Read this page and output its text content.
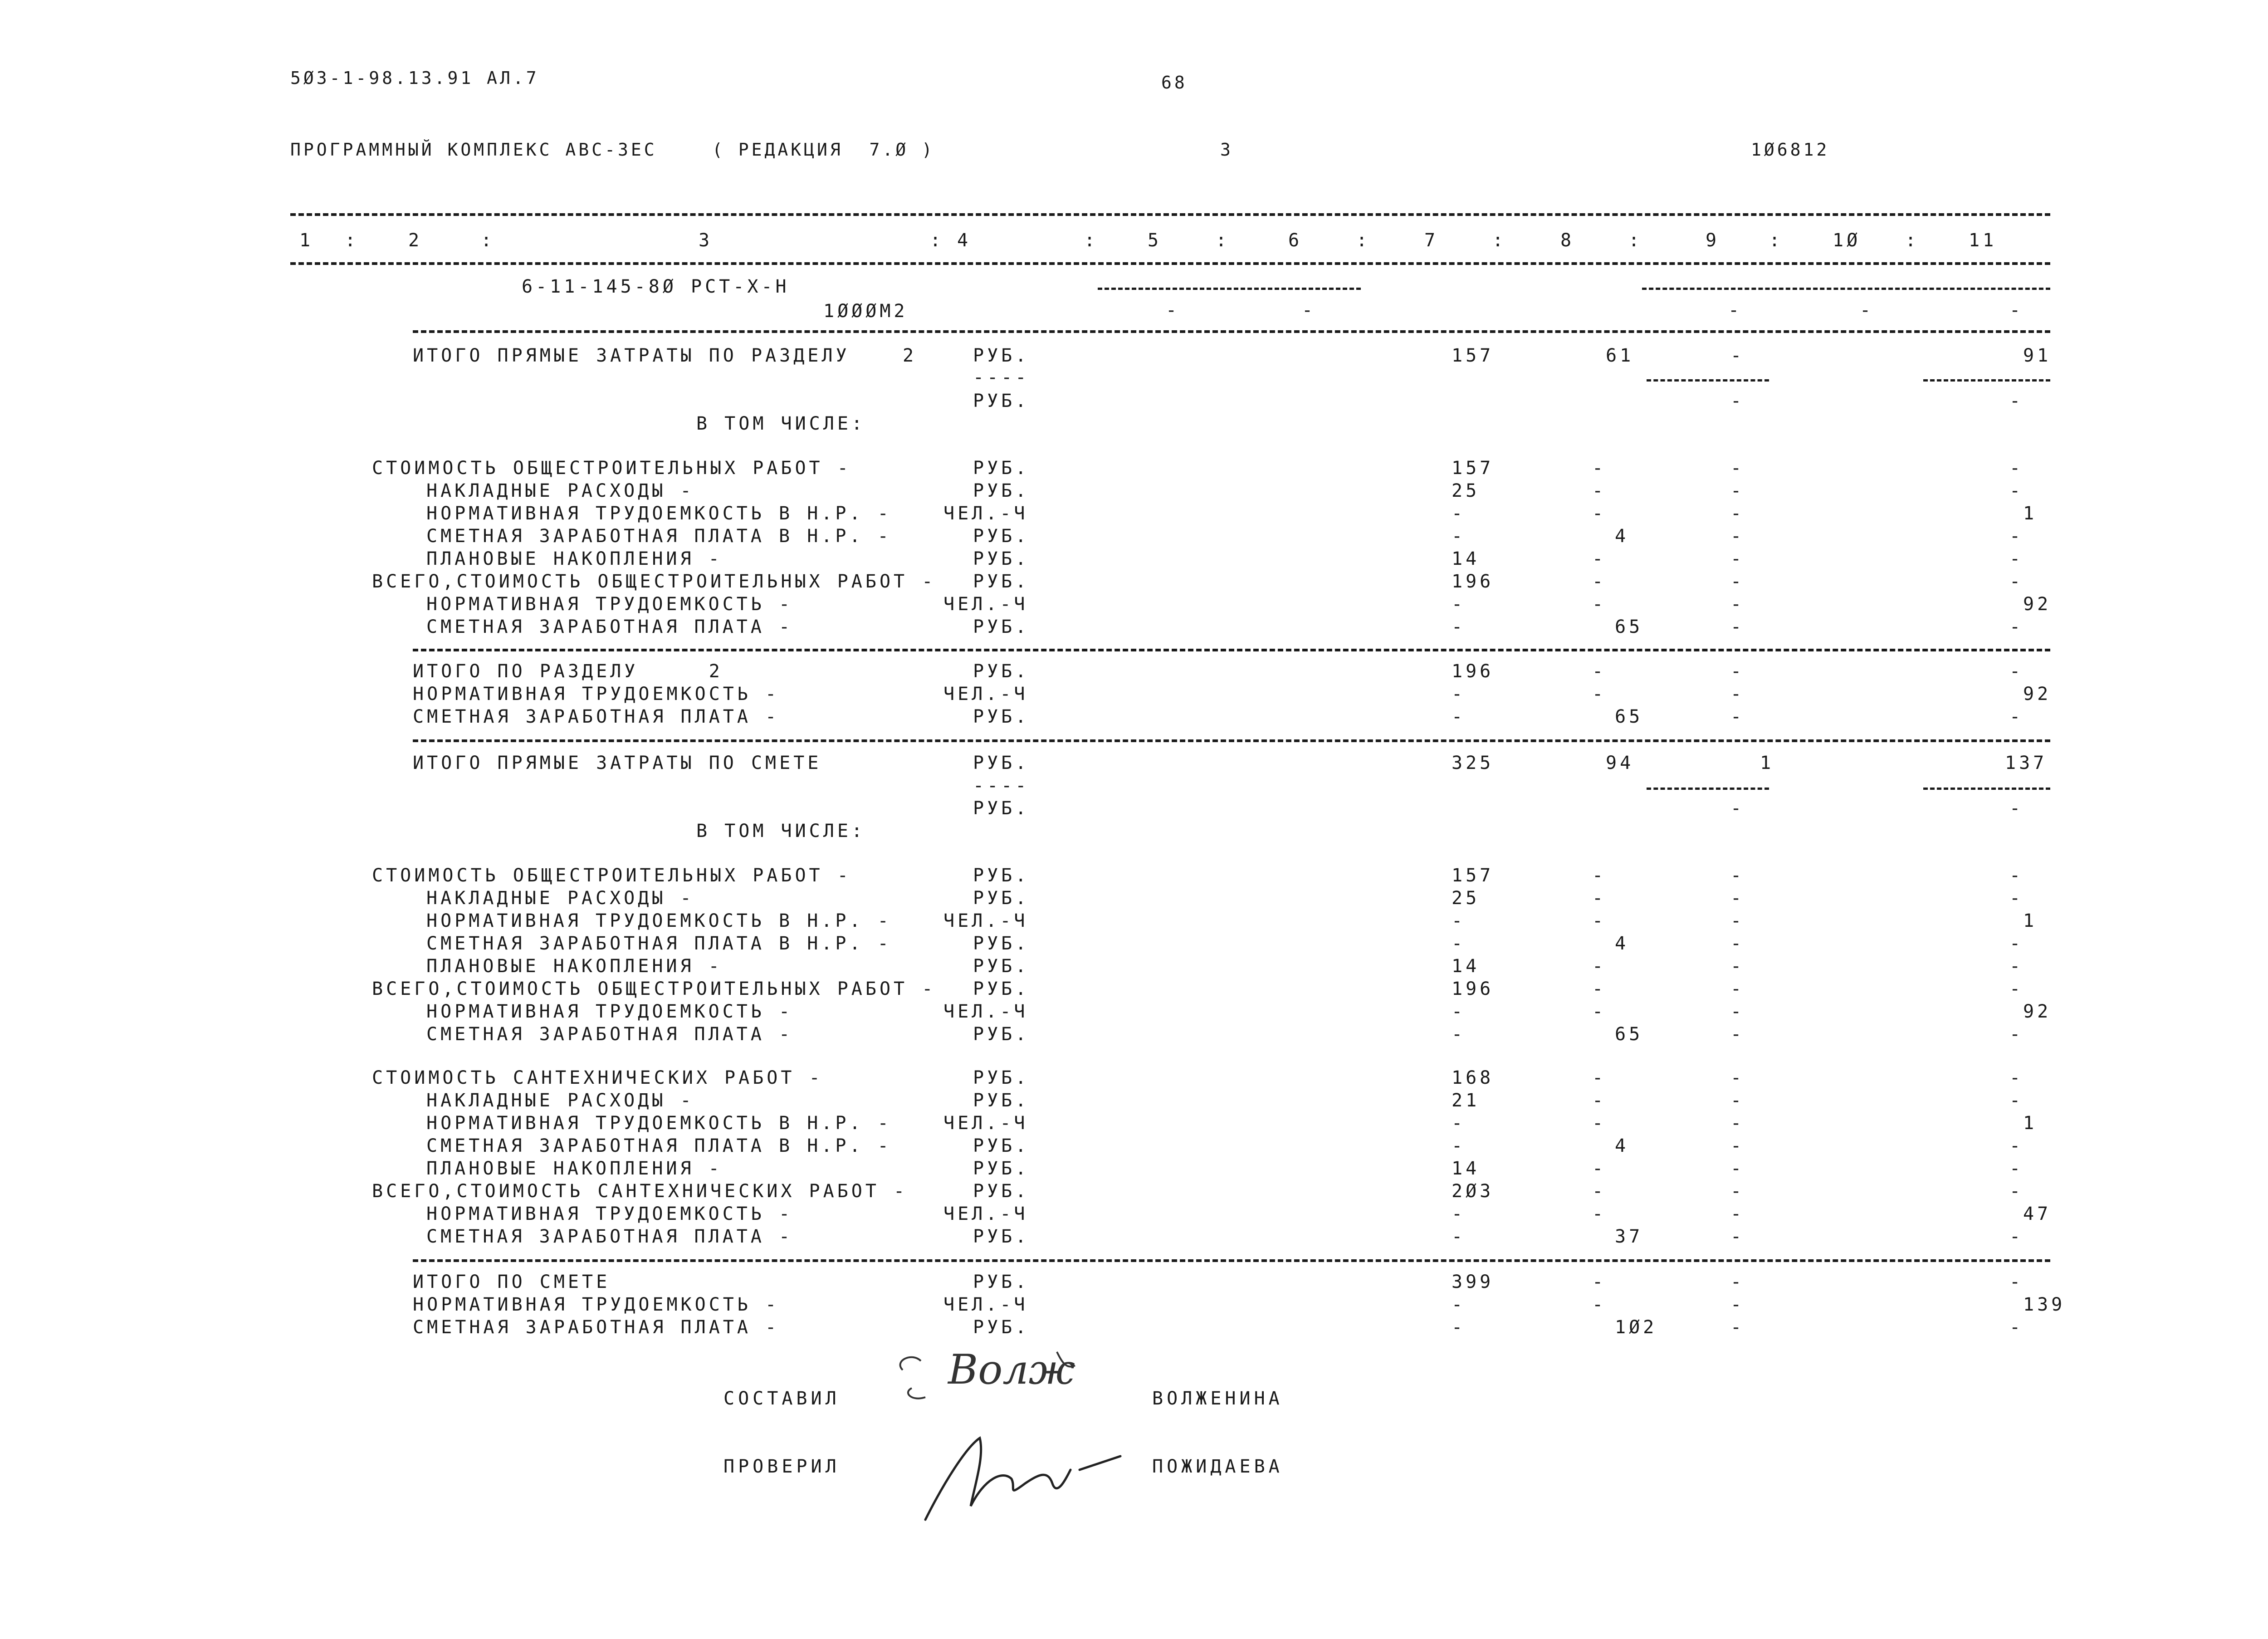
5Ø3-1-98.13.91 АЛ.7	68
ПРОГРАММНЫЙ КОМПЛЕКС АВС-3ЕС	( РЕДАКЦИЯ  7.Ø )	3	1Ø6812
1	2	3	4	5	6	7	8	9	1Ø	11
:	:	:	:	:	:	:	:	:	:
6-11-145-8Ø РСТ-Х-Н
1ØØØМ2	-	-	-	-	-
ИТОГО ПРЯМЫЕ ЗАТРАТЫ ПО РАЗДЕЛУ	2	РУБ.	157	61	-	91
----
РУБ.	-	-
В ТОМ ЧИСЛЕ:
СТОИМОСТЬ ОБЩЕСТРОИТЕЛЬНЫХ РАБОТ -	РУБ.	157	-	-	-
НАКЛАДНЫЕ РАСХОДЫ -	РУБ.	25	-	-	-
НОРМАТИВНАЯ ТРУДОЕМКОСТЬ В Н.Р. -	ЧЕЛ.-Ч	-	-	-	1
СМЕТНАЯ ЗАРАБОТНАЯ ПЛАТА В Н.Р. -	РУБ.	-	4	-	-
ПЛАНОВЫЕ НАКОПЛЕНИЯ -	РУБ.	14	-	-	-
ВСЕГО,СТОИМОСТЬ ОБЩЕСТРОИТЕЛЬНЫХ РАБОТ - РУБ.	196	-	-	-
НОРМАТИВНАЯ ТРУДОЕМКОСТЬ -	ЧЕЛ.-Ч	-	-	-	92
СМЕТНАЯ ЗАРАБОТНАЯ ПЛАТА -	РУБ.	-	65	-	-
ИТОГО ПО РАЗДЕЛУ     2	РУБ.	196	-	-	-
НОРМАТИВНАЯ ТРУДОЕМКОСТЬ -	ЧЕЛ.-Ч	-	-	-	92
СМЕТНАЯ ЗАРАБОТНАЯ ПЛАТА -	РУБ.	-	65	-	-
ИТОГО ПРЯМЫЕ ЗАТРАТЫ ПО СМЕТЕ	РУБ.	325	94	1	137
----
РУБ.	-	-
В ТОМ ЧИСЛЕ:
СТОИМОСТЬ ОБЩЕСТРОИТЕЛЬНЫХ РАБОТ -	РУБ.	157	-	-	-
НАКЛАДНЫЕ РАСХОДЫ -	РУБ.	25	-	-	-
НОРМАТИВНАЯ ТРУДОЕМКОСТЬ В Н.Р. -	ЧЕЛ.-Ч	-	-	-	1
СМЕТНАЯ ЗАРАБОТНАЯ ПЛАТА В Н.Р. -	РУБ.	-	4	-	-
ПЛАНОВЫЕ НАКОПЛЕНИЯ -	РУБ.	14	-	-	-
ВСЕГО,СТОИМОСТЬ ОБЩЕСТРОИТЕЛЬНЫХ РАБОТ - РУБ.	196	-	-	-
НОРМАТИВНАЯ ТРУДОЕМКОСТЬ -	ЧЕЛ.-Ч	-	-	-	92
СМЕТНАЯ ЗАРАБОТНАЯ ПЛАТА -	РУБ.	-	65	-	-
СТОИМОСТЬ САНТЕХНИЧЕСКИХ РАБОТ -	РУБ.	168	-	-	-
НАКЛАДНЫЕ РАСХОДЫ -	РУБ.	21	-	-	-
НОРМАТИВНАЯ ТРУДОЕМКОСТЬ В Н.Р. -	ЧЕЛ.-Ч	-	-	-	1
СМЕТНАЯ ЗАРАБОТНАЯ ПЛАТА В Н.Р. -	РУБ.	-	4	-	-
ПЛАНОВЫЕ НАКОПЛЕНИЯ -	РУБ.	14	-	-	-
ВСЕГО,СТОИМОСТЬ САНТЕХНИЧЕСКИХ РАБОТ -	РУБ.	2Ø3	-	-	-
НОРМАТИВНАЯ ТРУДОЕМКОСТЬ -	ЧЕЛ.-Ч	-	-	-	47
СМЕТНАЯ ЗАРАБОТНАЯ ПЛАТА -	РУБ.	-	37	-	-
ИТОГО ПО СМЕТЕ	РУБ.	399	-	-	-
НОРМАТИВНАЯ ТРУДОЕМКОСТЬ -	ЧЕЛ.-Ч	-	-	-	139
СМЕТНАЯ ЗАРАБОТНАЯ ПЛАТА -	РУБ.	-	1Ø2	-	-
СОСТАВИЛ	ВОЛЖЕНИНА
Волж
ПРОВЕРИЛ	ПОЖИДАЕВА
